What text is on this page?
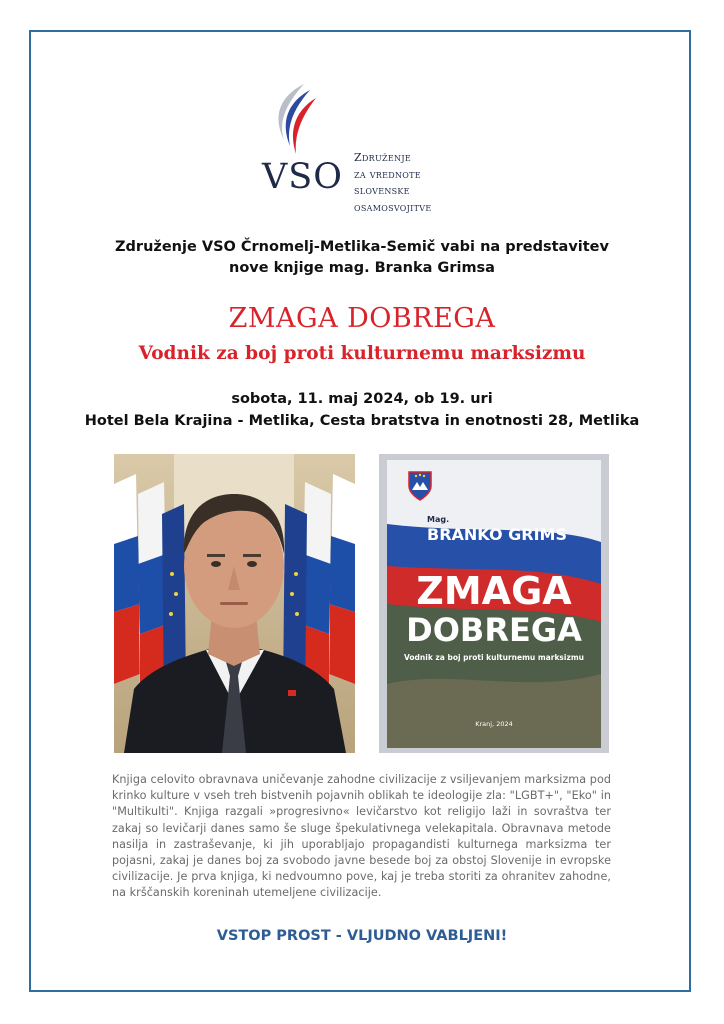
VSO Združenje
za vrednote
slovenske
osamosvojitve
Združenje VSO Črnomelj-Metlika-Semič vabi na predstavitev
nove knjige mag. Branka Grimsa
ZMAGA DOBREGA
Vodnik za boj proti kulturnemu marksizmu
sobota, 11. maj 2024, ob 19. uri
Hotel Bela Krajina - Metlika, Cesta bratstva in enotnosti 28, Metlika
Mag.
BRANKO GRIMS
ZMAGA
DOBREGA
Vodnik za boj proti kulturnemu marksizmu
Kranj, 2024
Knjiga celovito obravnava uničevanje zahodne civilizacije z vsiljevanjem marksizma pod krinko kulture v vseh treh bistvenih pojavnih oblikah te ideologije zla: "LGBT+", "Eko" in "Multikulti". Knjiga razgali »progresivno« levičarstvo kot religijo laži in sovraštva ter zakaj so levičarji danes samo še sluge špekulativnega velekapitala. Obravnava metode nasilja in zastraševanje, ki jih uporabljajo propagandisti kulturnega marksizma ter pojasni, zakaj je danes boj za svobodo javne besede boj za obstoj Slovenije in evropske civilizacije. Je prva knjiga, ki nedvoumno pove, kaj je treba storiti za ohranitev zahodne, na krščanskih koreninah utemeljene civilizacije.
VSTOP PROST - VLJUDNO VABLJENI!
